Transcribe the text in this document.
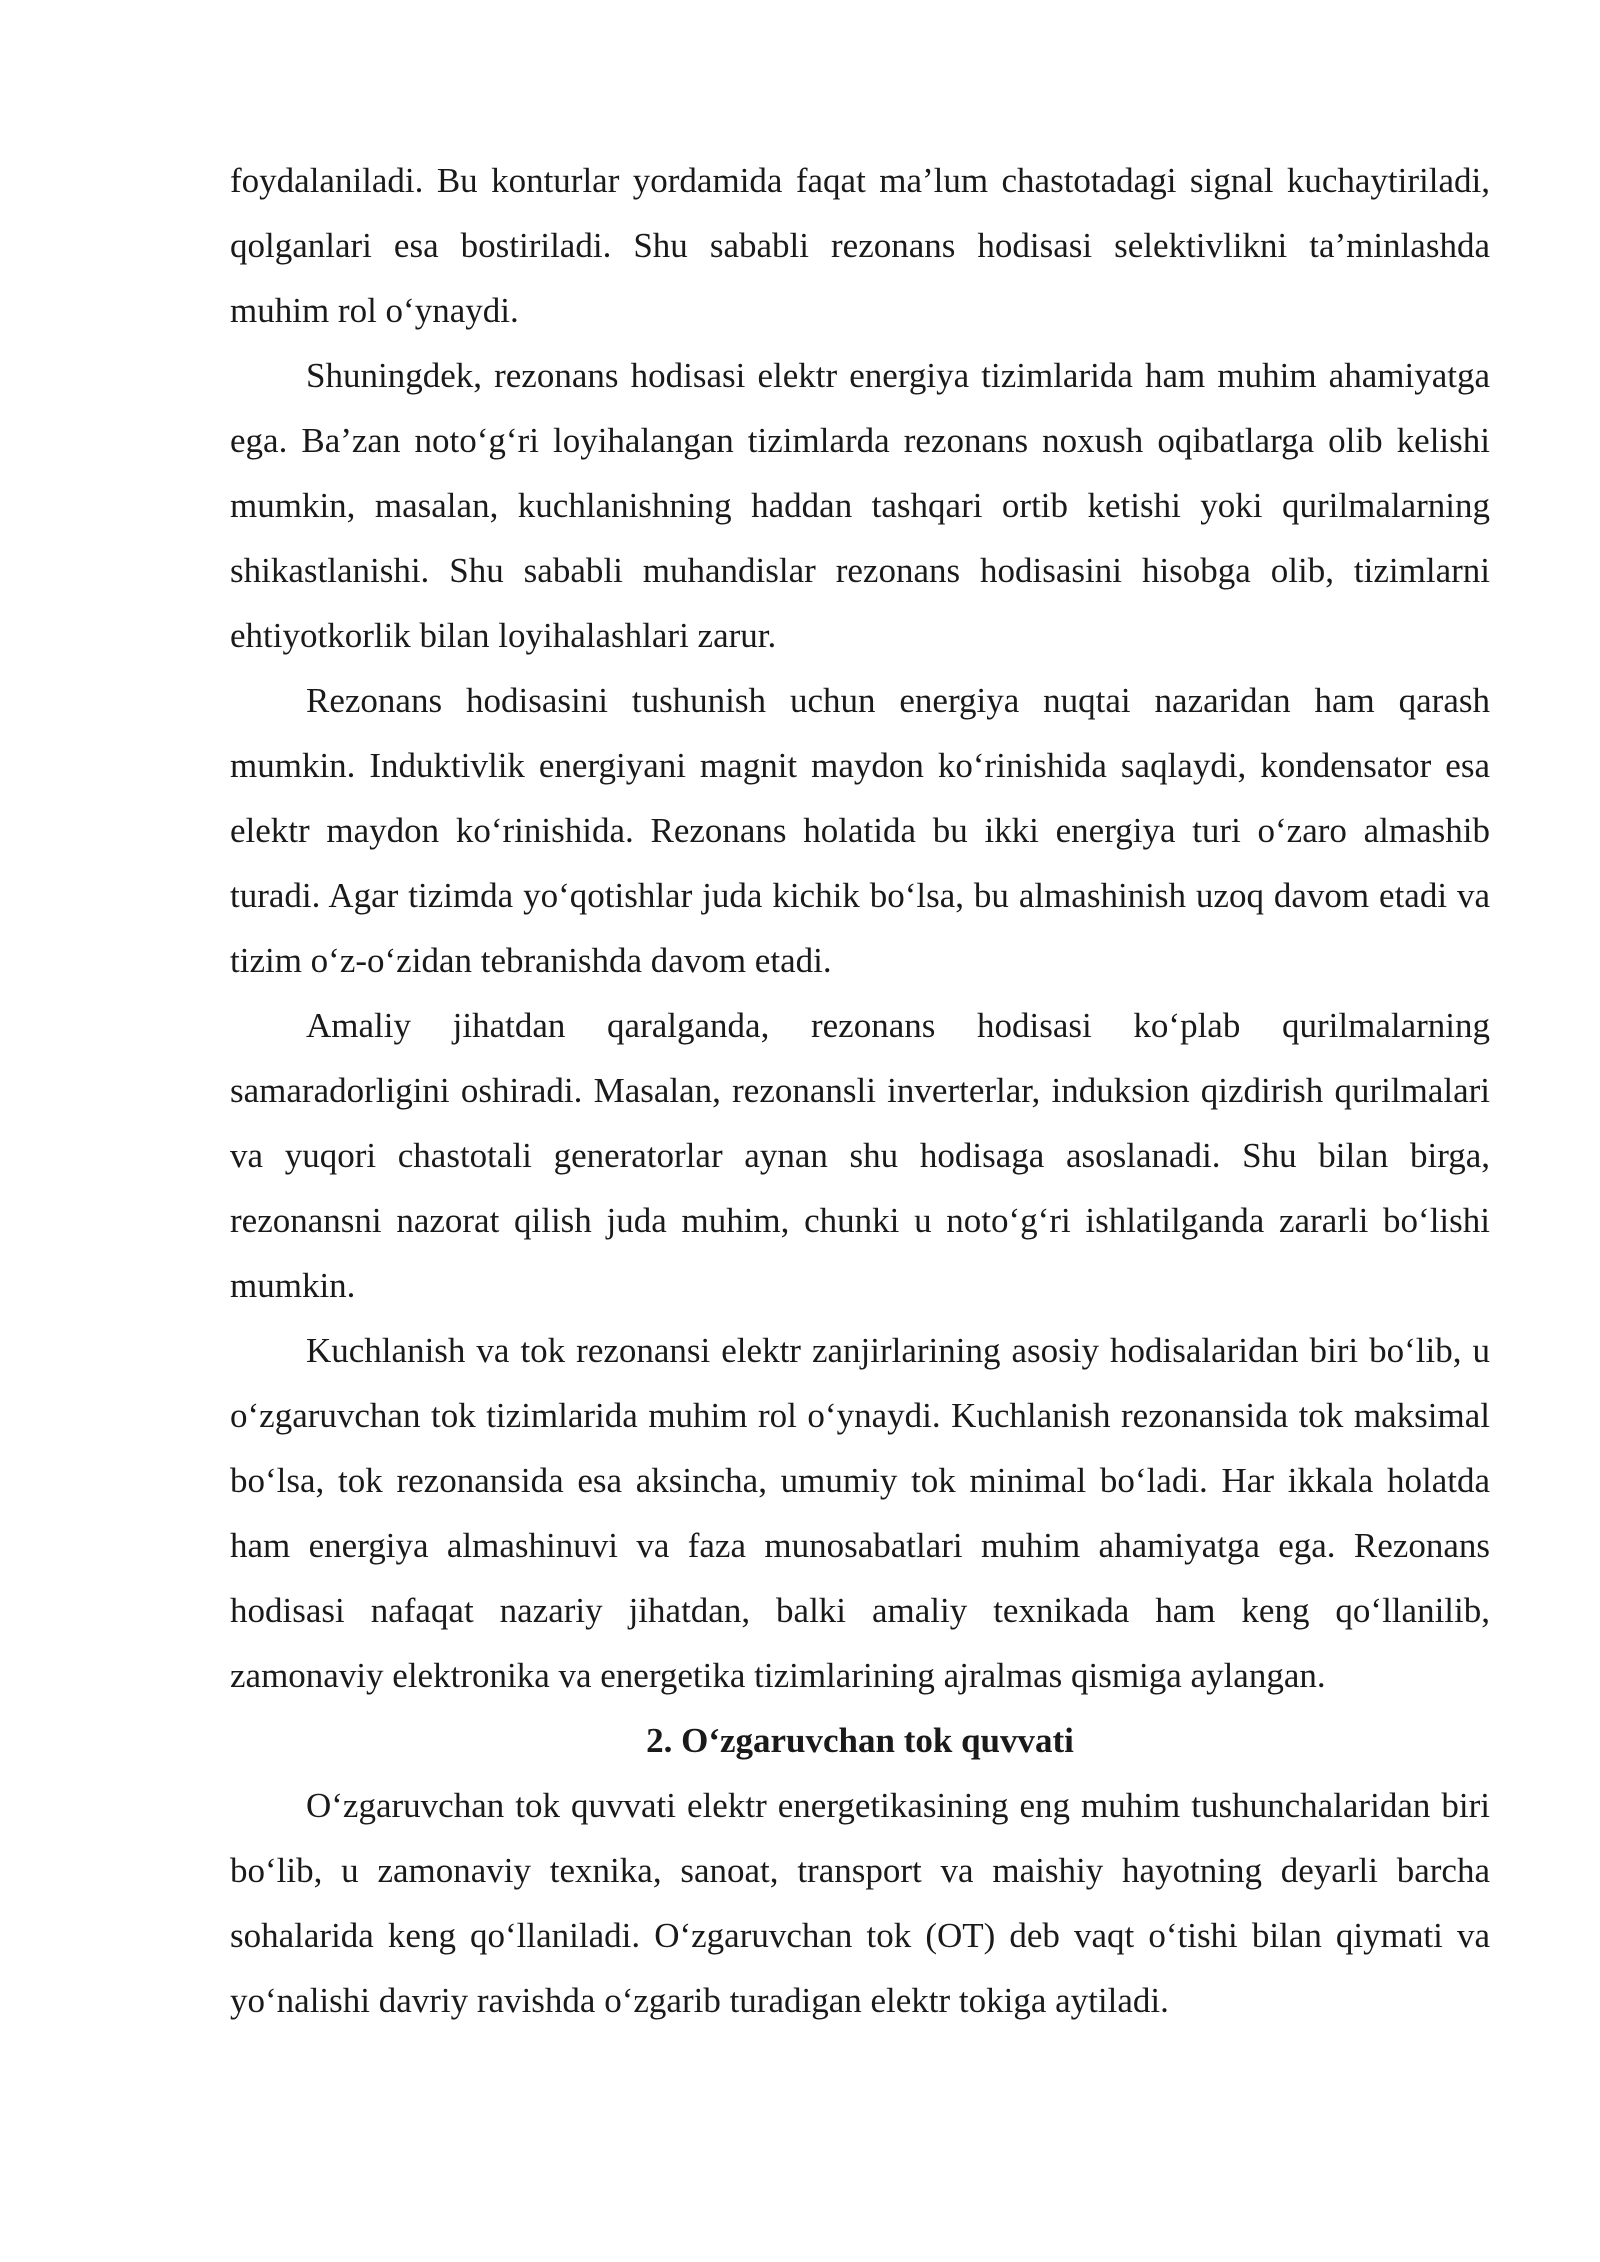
foydalaniladi. Bu konturlar yordamida faqat ma’lum chastotadagi signal kuchaytiriladi, qolganlari esa bostiriladi. Shu sababli rezonans hodisasi selektivlikni ta’minlashda muhim rol o‘ynaydi.

Shuningdek, rezonans hodisasi elektr energiya tizimlarida ham muhim ahamiyatga ega. Ba’zan noto‘g‘ri loyihalangan tizimlarda rezonans noxush oqibatlarga olib kelishi mumkin, masalan, kuchlanishning haddan tashqari ortib ketishi yoki qurilmalarning shikastlanishi. Shu sababli muhandislar rezonans hodisasini hisobga olib, tizimlarni ehtiyotkorlik bilan loyihalashlari zarur.

Rezonans hodisasini tushunish uchun energiya nuqtai nazaridan ham qarash mumkin. Induktivlik energiyani magnit maydon ko‘rinishida saqlaydi, kondensator esa elektr maydon ko‘rinishida. Rezonans holatida bu ikki energiya turi o‘zaro almashib turadi. Agar tizimda yo‘qotishlar juda kichik bo‘lsa, bu almashinish uzoq davom etadi va tizim o‘z-o‘zidan tebranishda davom etadi.

Amaliy jihatdan qaralganda, rezonans hodisasi ko‘plab qurilmalarning samaradorligini oshiradi. Masalan, rezonansli inverterlar, induksion qizdirish qurilmalari va yuqori chastotali generatorlar aynan shu hodisaga asoslanadi. Shu bilan birga, rezonansni nazorat qilish juda muhim, chunki u noto‘g‘ri ishlatilganda zararli bo‘lishi mumkin.

Kuchlanish va tok rezonansi elektr zanjirlarining asosiy hodisalaridan biri bo‘lib, u o‘zgaruvchan tok tizimlarida muhim rol o‘ynaydi. Kuchlanish rezonansida tok maksimal bo‘lsa, tok rezonansida esa aksincha, umumiy tok minimal bo‘ladi. Har ikkala holatda ham energiya almashinuvi va faza munosabatlari muhim ahamiyatga ega. Rezonans hodisasi nafaqat nazariy jihatdan, balki amaliy texnikada ham keng qo‘llanilib, zamonaviy elektronika va energetika tizimlarining ajralmas qismiga aylangan.

2. O‘zgaruvchan tok quvvati

O‘zgaruvchan tok quvvati elektr energetikasining eng muhim tushunchalaridan biri bo‘lib, u zamonaviy texnika, sanoat, transport va maishiy hayotning deyarli barcha sohalarida keng qo‘llaniladi. O‘zgaruvchan tok (OT) deb vaqt o‘tishi bilan qiymati va yo‘nalishi davriy ravishda o‘zgarib turadigan elektr tokiga aytiladi.
